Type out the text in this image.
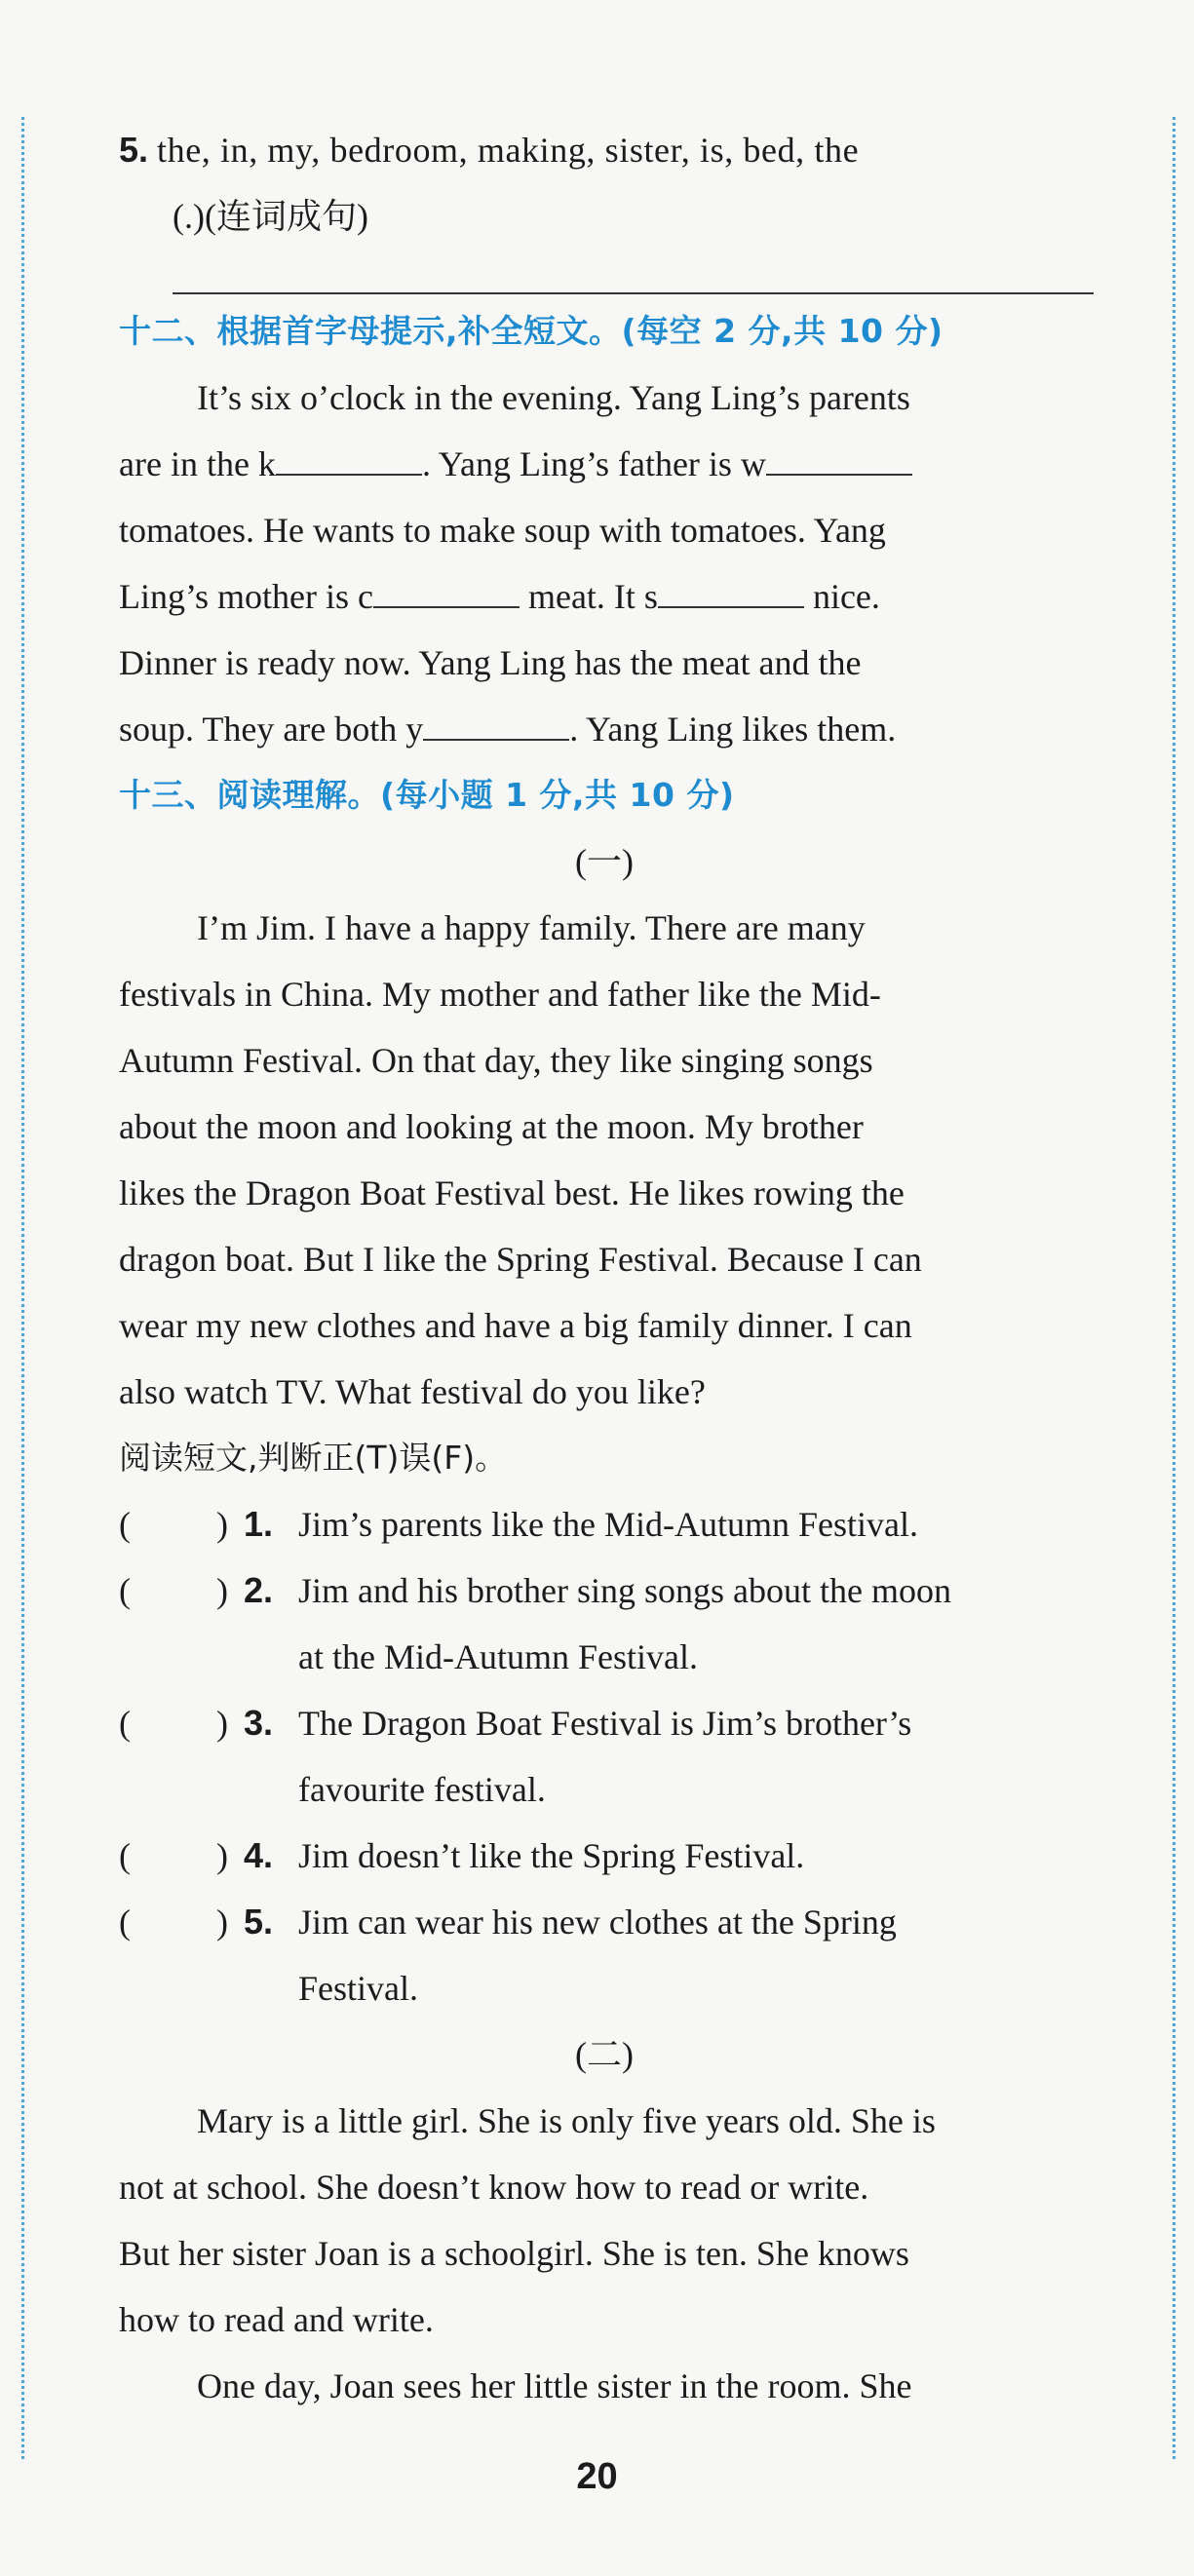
5. the, in, my, bedroom, making, sister, is, bed, the
(.)(连词成句)
十二、根据首字母提示,补全短文。(每空 2 分,共 10 分)
It’s six o’clock in the evening. Yang Ling’s parents
are in the k	. Yang Ling’s father is w
tomatoes. He wants to make soup with tomatoes. Yang
Ling’s mother is c	meat. It s	nice.
Dinner is ready now. Yang Ling has the meat and the
soup. They are both y	. Yang Ling likes them.
十三、阅读理解。(每小题 1 分,共 10 分)
(一)
I’m Jim. I have a happy family. There are many
festivals in China. My mother and father like the Mid-
Autumn Festival. On that day, they like singing songs
about the moon and looking at the moon. My brother
likes the Dragon Boat Festival best. He likes rowing the
dragon boat. But I like the Spring Festival. Because I can
wear my new clothes and have a big family dinner. I can
also watch TV. What festival do you like?
阅读短文,判断正(T)误(F)。
( ) 1. Jim’s parents like the Mid-Autumn Festival.
( ) 2. Jim and his brother sing songs about the moon
at the Mid-Autumn Festival.
( ) 3. The Dragon Boat Festival is Jim’s brother’s
favourite festival.
( ) 4. Jim doesn’t like the Spring Festival.
( ) 5. Jim can wear his new clothes at the Spring
Festival.
(二)
Mary is a little girl. She is only five years old. She is
not at school. She doesn’t know how to read or write.
But her sister Joan is a schoolgirl. She is ten. She knows
how to read and write.
One day, Joan sees her little sister in the room. She
20
